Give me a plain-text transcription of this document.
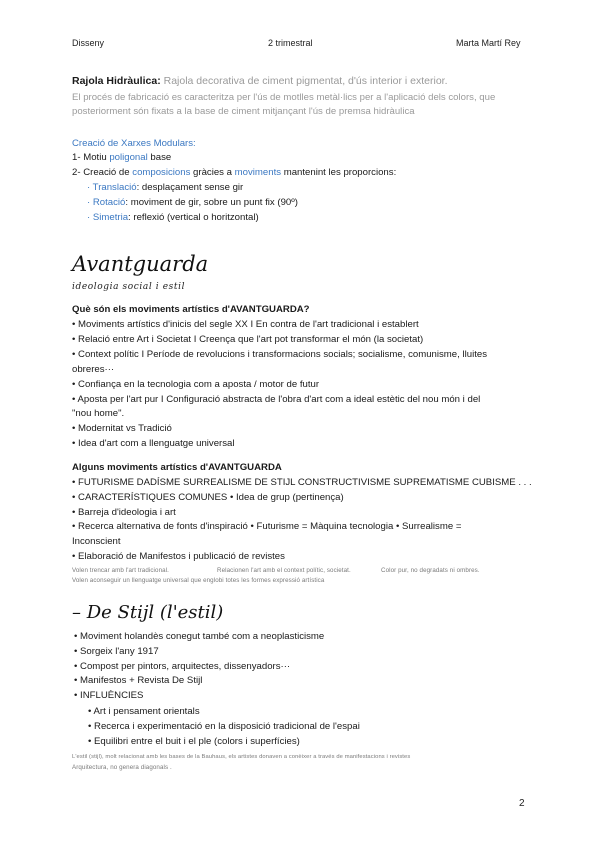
Disseny	2 trimestral	Marta Martí Rey
Rajola Hidràulica: Rajola decorativa de ciment pigmentat, d'ús interior i exterior.
El procés de fabricació es caracteritza per l'ús de motlles metàl·lics per a l'aplicació dels colors, que
posteriorment són fixats a la base de ciment mitjançant l'ús de premsa hidràulica
Creació de Xarxes Modulars:
1- Motiu poligonal base
2- Creació de composicions gràcies a moviments mantenint les proporcions:
· Translació: desplaçament sense gir
· Rotació: moviment de gir, sobre un punt fix (90º)
· Simetria: reflexió (vertical o horitzontal)
Avantguarda
ideologia social i estil
Què són els moviments artístics d'AVANTGUARDA?
• Moviments artístics d'inicis del segle XX I En contra de l'art tradicional i establert
• Relació entre Art i Societat I Creença que l'art pot transformar el món (la societat)
• Context polític I Període de revolucions i transformacions socials; socialisme, comunisme, lluites
obreres···
• Confiança en la tecnologia com a aposta / motor de futur
• Aposta per l'art pur I Configuració abstracta de l'obra d'art com a ideal estètic del nou món i del
"nou home".
• Modernitat vs Tradició
• Idea d'art com a llenguatge universal
Alguns moviments artístics d'AVANTGUARDA
• FUTURISME DADÍSME SURREALISME DE STIJL CONSTRUCTIVISME SUPREMATISME CUBISME . . .
• CARACTERÍSTIQUES COMUNES • Idea de grup (pertinença)
• Barreja d'ideologia i art
• Recerca alternativa de fonts d'inspiració • Futurisme = Màquina tecnologia • Surrealisme =
Inconscient
• Elaboració de Manifestos i publicació de revistes
Volen trencar amb l'art tradicional.	Relacionen l'art amb el context polític, societat.	Color pur, no degradats ni ombres.
Volen aconseguir un llenguatge universal que englobi totes les formes expressió artística
– De Stijl (l'estil)
• Moviment holandès conegut també com a neoplasticisme
• Sorgeix l'any 1917
• Compost per pintors, arquitectes, dissenyadors···
• Manifestos + Revista De Stijl
• INFLUÈNCIES
• Art i pensament orientals
• Recerca i experimentació en la disposició tradicional de l'espai
• Equilibri entre el buit i el ple (colors i superfícies)
L'estil (stijl), molt relacionat amb les bases de la Bauhaus, els artistes donaven a conèixer a través de manifestacions i revistes
Arquitectura, no genera diagonals .
2
